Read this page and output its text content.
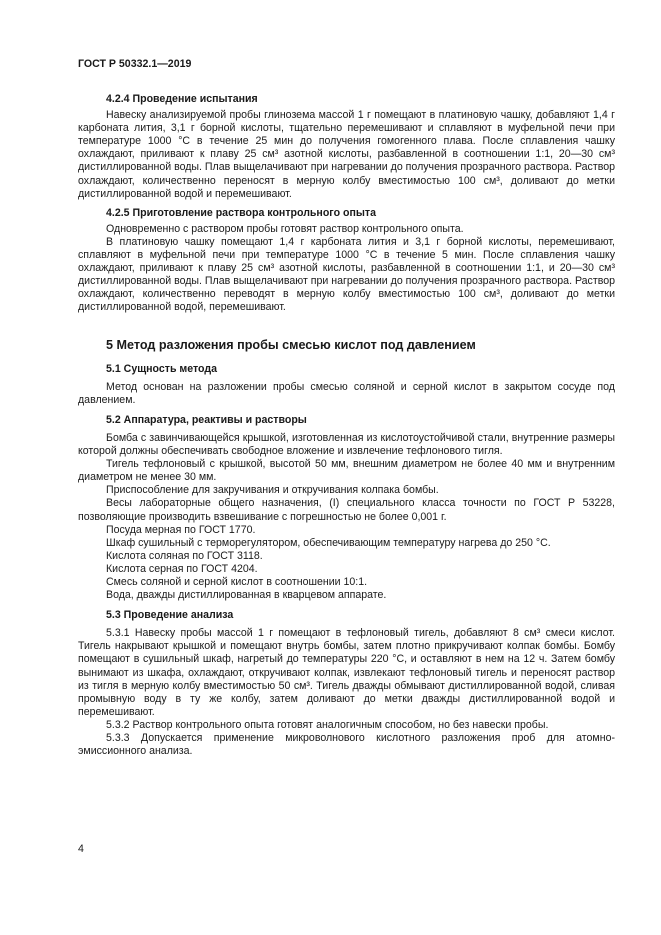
ГОСТ Р 50332.1—2019
4.2.4 Проведение испытания

Навеску анализируемой пробы глинозема массой 1 г помещают в платиновую чашку, добавляют 1,4 г карбоната лития, 3,1 г борной кислоты, тщательно перемешивают и сплавляют в муфельной печи при температуре 1000 °С в течение 25 мин до получения гомогенного плава. После сплавления чашку охлаждают, приливают к плаву 25 см³ азотной кислоты, разбавленной в соотношении 1:1, 20—30 см³ дистиллированной воды. Плав выщелачивают при нагревании до получения прозрачного раствора. Раствор охлаждают, количественно переносят в мерную колбу вместимостью 100 см³, доливают до метки дистиллированной водой и перемешивают.

4.2.5 Приготовление раствора контрольного опыта

Одновременно с раствором пробы готовят раствор контрольного опыта.

В платиновую чашку помещают 1,4 г карбоната лития и 3,1 г борной кислоты, перемешивают, сплавляют в муфельной печи при температуре 1000 °С в течение 5 мин. После сплавления чашку охлаждают, приливают к плаву 25 см³ азотной кислоты, разбавленной в соотношении 1:1, и 20—30 см³ дистиллированной воды. Плав выщелачивают при нагревании до получения прозрачного раствора. Раствор охлаждают, количественно переводят в мерную колбу вместимостью 100 см³, доливают до метки дистиллированной водой, перемешивают.

5 Метод разложения пробы смесью кислот под давлением
5.1 Сущность метода

Метод основан на разложении пробы смесью соляной и серной кислот в закрытом сосуде под давлением.

5.2 Аппаратура, реактивы и растворы

Бомба с завинчивающейся крышкой, изготовленная из кислотоустойчивой стали, внутренние размеры которой должны обеспечивать свободное вложение и извлечение тефлонового тигля.

Тигель тефлоновый с крышкой, высотой 50 мм, внешним диаметром не более 40 мм и внутренним диаметром не менее 30 мм.

Приспособление для закручивания и откручивания колпака бомбы.

Весы лабораторные общего назначения, (I) специального класса точности по ГОСТ Р 53228, позволяющие производить взвешивание с погрешностью не более 0,001 г.

Посуда мерная по ГОСТ 1770.

Шкаф сушильный с терморегулятором, обеспечивающим температуру нагрева до 250 °С.

Кислота соляная по ГОСТ 3118.

Кислота серная по ГОСТ 4204.

Смесь соляной и серной кислот в соотношении 10:1.

Вода, дважды дистиллированная в кварцевом аппарате.

5.3 Проведение анализа

5.3.1 Навеску пробы массой 1 г помещают в тефлоновый тигель, добавляют 8 см³ смеси кислот. Тигель накрывают крышкой и помещают внутрь бомбы, затем плотно прикручивают колпак бомбы. Бомбу помещают в сушильный шкаф, нагретый до температуры 220 °С, и оставляют в нем на 12 ч. Затем бомбу вынимают из шкафа, охлаждают, откручивают колпак, извлекают тефлоновый тигель и переносят раствор из тигля в мерную колбу вместимостью 50 см³. Тигель дважды обмывают дистиллированной водой, сливая промывную воду в ту же колбу, затем доливают до метки дважды дистиллированной водой и перемешивают.

5.3.2 Раствор контрольного опыта готовят аналогичным способом, но без навески пробы.

5.3.3 Допускается применение микроволнового кислотного разложения проб для атомно-эмиссионного анализа.

4
